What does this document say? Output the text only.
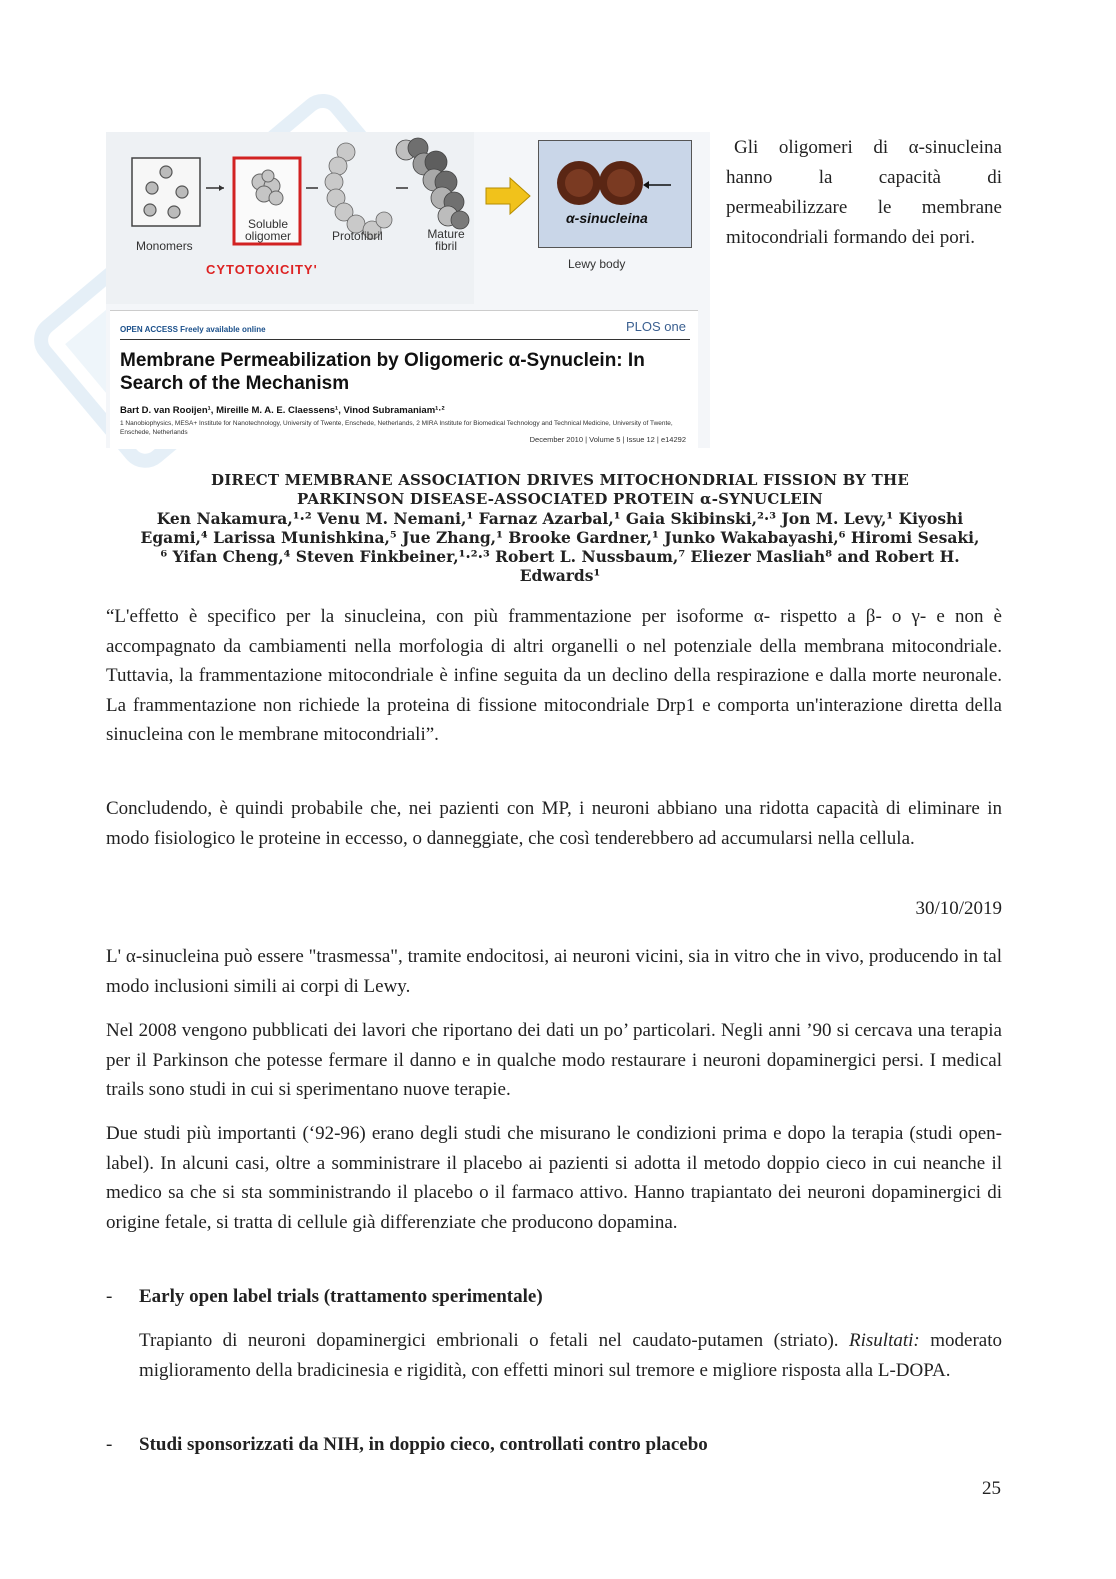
Monomers
Soluble oligomer	Protofibril	Mature fibril
CYTOTOXICITY'
α-sinucleina
Lewy body
OPEN ACCESS Freely available online	PLOS one
Membrane Permeabilization by Oligomeric α-Synuclein: In Search of the Mechanism
Bart D. van Rooijen¹, Mireille M. A. E. Claessens¹, Vinod Subramaniam¹·²
1 Nanobiophysics, MESA+ Institute for Nanotechnology, University of Twente, Enschede, Netherlands, 2 MIRA Institute for Biomedical Technology and Technical Medicine, University of Twente, Enschede, Netherlands
December 2010 | Volume 5 | Issue 12 | e14292
Gli oligomeri di α-sinucleina hanno la capacità di permeabilizzare le membrane mitocondriali formando dei pori.
DIRECT MEMBRANE ASSOCIATION DRIVES MITOCHONDRIAL FISSION BY THE
PARKINSON DISEASE-ASSOCIATED PROTEIN α-SYNUCLEIN
Ken Nakamura,¹·² Venu M. Nemani,¹ Farnaz Azarbal,¹ Gaia Skibinski,²·³ Jon M. Levy,¹ Kiyoshi
Egami,⁴ Larissa Munishkina,⁵ Jue Zhang,¹ Brooke Gardner,¹ Junko Wakabayashi,⁶ Hiromi Sesaki,
⁶ Yifan Cheng,⁴ Steven Finkbeiner,¹·²·³ Robert L. Nussbaum,⁷ Eliezer Masliah⁸ and Robert H.
Edwards¹

“L'effetto è specifico per la sinucleina, con più frammentazione per isoforme α- rispetto a β- o γ- e non è accompagnato da cambiamenti nella morfologia di altri organelli o nel potenziale della membrana mitocondriale. Tuttavia, la frammentazione mitocondriale è infine seguita da un declino della respirazione e dalla morte neuronale. La frammentazione non richiede la proteina di fissione mitocondriale Drp1 e comporta un'interazione diretta della sinucleina con le membrane mitocondriali”.

Concludendo, è quindi probabile che, nei pazienti con MP, i neuroni abbiano una ridotta capacità di eliminare in modo fisiologico le proteine in eccesso, o danneggiate, che così tenderebbero ad accumularsi nella cellula.

30/10/2019

L' α-sinucleina può essere "trasmessa", tramite endocitosi, ai neuroni vicini, sia in vitro che in vivo, producendo in tal modo inclusioni simili ai corpi di Lewy.

Nel 2008 vengono pubblicati dei lavori che riportano dei dati un po’ particolari. Negli anni ’90 si cercava una terapia per il Parkinson che potesse fermare il danno e in qualche modo restaurare i neuroni dopaminergici persi. I medical trails sono studi in cui si sperimentano nuove terapie.

Due studi più importanti (‘92-96) erano degli studi che misurano le condizioni prima e dopo la terapia (studi open-label). In alcuni casi, oltre a somministrare il placebo ai pazienti si adotta il metodo doppio cieco in cui neanche il medico sa che si sta somministrando il placebo o il farmaco attivo. Hanno trapiantato dei neuroni dopaminergici di origine fetale, si tratta di cellule già differenziate che producono dopamina.

- Early open label trials (trattamento sperimentale)

Trapianto di neuroni dopaminergici embrionali o fetali nel caudato-putamen (striato). Risultati: moderato miglioramento della bradicinesia e rigidità, con effetti minori sul tremore e migliore risposta alla L-DOPA.

- Studi sponsorizzati da NIH, in doppio cieco, controllati contro placebo
25
